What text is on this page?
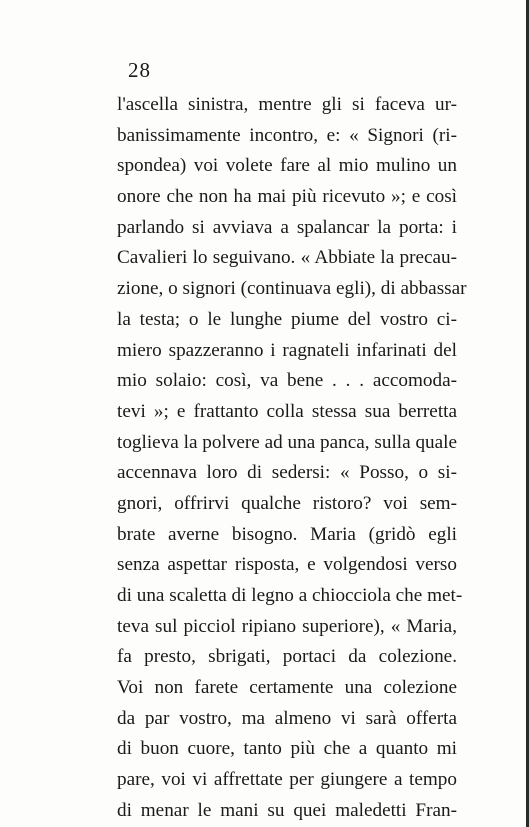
28
l'ascella sinistra, mentre gli si faceva ur-
banissimamente incontro, e: « Signori (ri-
spondea) voi volete fare al mio mulino un
onore che non ha mai più ricevuto »; e così
parlando si avviava a spalancar la porta: i
Cavalieri lo seguivano. « Abbiate la precau-
zione, o signori (continuava egli), di abbassar
la testa; o le lunghe piume del vostro ci-
miero spazzeranno i ragnateli infarinati del
mio solaio: così, va bene . . . accomoda-
tevi »; e frattanto colla stessa sua berretta
toglieva la polvere ad una panca, sulla quale
accennava loro di sedersi: « Posso, o si-
gnori, offrirvi qualche ristoro? voi sem-
brate averne bisogno. Maria (gridò egli
senza aspettar risposta, e volgendosi verso
di una scaletta di legno a chiocciola che met-
teva sul picciol ripiano superiore), « Maria,
fa presto, sbrigati, portaci da colezione.
Voi non farete certamente una colezione
da par vostro, ma almeno vi sarà offerta
di buon cuore, tanto più che a quanto mi
pare, voi vi affrettate per giungere a tempo
di menar le mani su quei maledetti Fran-
